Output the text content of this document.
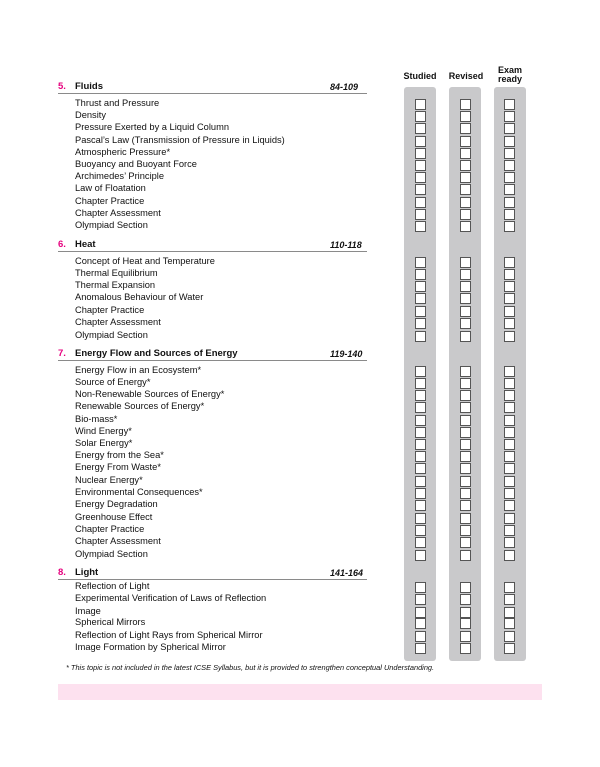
Studied	Revised
Exam
ready
5. Fluids	84-109
Thrust and Pressure
Density
Pressure Exerted by a Liquid Column
Pascal’s Law (Transmission of Pressure in Liquids)
Atmospheric Pressure*
Buoyancy and Buoyant Force
Archimedes’ Principle
Law of Floatation
Chapter Practice
Chapter Assessment
Olympiad Section
6. Heat	110-118
Concept of Heat and Temperature
Thermal Equilibrium
Thermal Expansion
Anomalous Behaviour of Water
Chapter Practice
Chapter Assessment
Olympiad Section
7. Energy Flow and Sources of Energy	119-140
Energy Flow in an Ecosystem*
Source of Energy*
Non-Renewable Sources of Energy*
Renewable Sources of Energy*
Bio-mass*
Wind Energy*
Solar Energy*
Energy from the Sea*
Energy From Waste*
Nuclear Energy*
Environmental Consequences*
Energy Degradation
Greenhouse Effect
Chapter Practice
Chapter Assessment
Olympiad Section
8. Light	141-164
Reflection of Light
Experimental Verification of Laws of Reflection
Image
Spherical Mirrors
Reflection of Light Rays from Spherical Mirror
Image Formation by Spherical Mirror
* This topic is not included in the latest ICSE Syllabus, but it is provided to strengthen conceptual Understanding.
